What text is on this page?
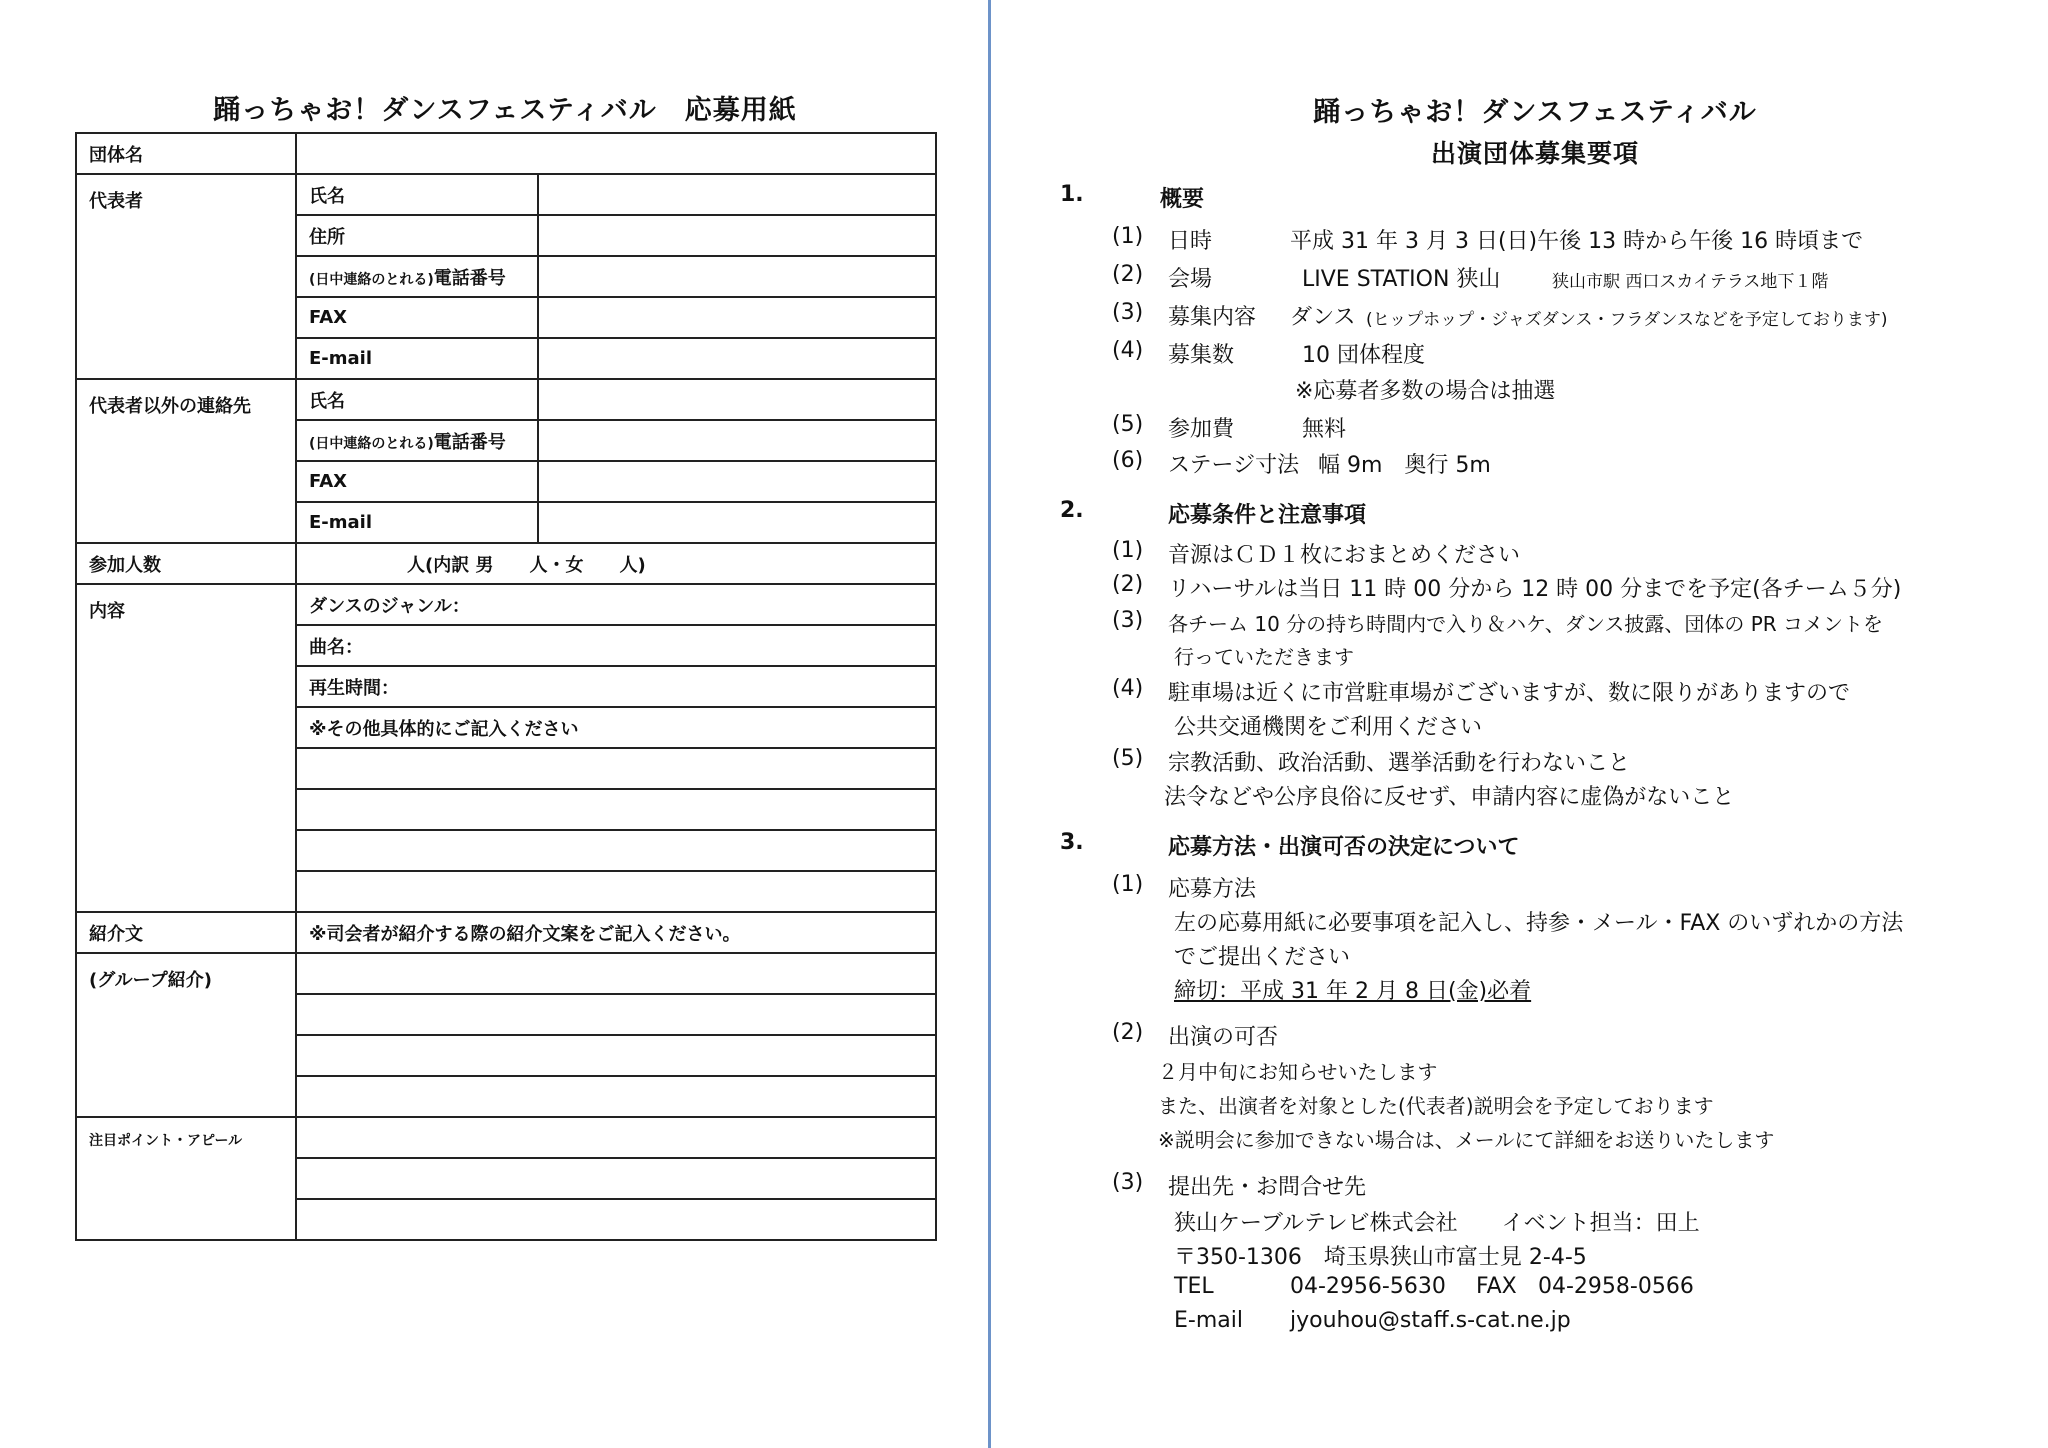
踊っちゃお！ダンスフェスティバル　応募用紙
団体名		
代表者	氏名	
	住所	
	(日中連絡のとれる)電話番号	
	FAX	
	E-mail	
代表者以外の連絡先	氏名	
	(日中連絡のとれる)電話番号	
	FAX	
	E-mail	
参加人数	人(内訳 男　　人・女　　人)	
内容	ダンスのジャンル：	
	曲名：	
	再生時間：	
	※その他具体的にご記入ください	

紹介文	※司会者が紹介する際の紹介文案をご記入ください。	
(グループ紹介)		

注目ポイント・アピール		

踊っちゃお！ダンスフェスティバル
出演団体募集要項
1.	概要
(1) 日時	平成 31 年 3 月 3 日(日)午後 13 時から午後 16 時頃まで
(2) 会場	LIVE STATION 狭山	狭山市駅 西口スカイテラス地下１階
(3) 募集内容 ダンス (ヒップホップ・ジャズダンス・フラダンスなどを予定しております)
(4) 募集数	10 団体程度
※応募者多数の場合は抽選
(5) 参加費	無料
(6) ステージ寸法 幅 9m　奥行 5m
2.	応募条件と注意事項
(1) 音源はＣＤ１枚におまとめください
(2) リハーサルは当日 11 時 00 分から 12 時 00 分までを予定(各チーム５分)
(3) 各チーム 10 分の持ち時間内で入り＆ハケ、ダンス披露、団体の PR コメントを
行っていただきます
(4) 駐車場は近くに市営駐車場がございますが、数に限りがありますので
公共交通機関をご利用ください
(5) 宗教活動、政治活動、選挙活動を行わないこと
法令などや公序良俗に反せず、申請内容に虚偽がないこと
3.	応募方法・出演可否の決定について
(1) 応募方法
左の応募用紙に必要事項を記入し、持参・メール・FAX のいずれかの方法
でご提出ください
締切：平成 31 年 2 月 8 日(金)必着
(2) 出演の可否
２月中旬にお知らせいたします
また、出演者を対象とした(代表者)説明会を予定しております
※説明会に参加できない場合は、メールにて詳細をお送りいたします
(3) 提出先・お問合せ先
狭山ケーブルテレビ株式会社　　イベント担当：田上
〒350-1306　埼玉県狭山市富士見 2-4-5
TEL	04-2956-5630 FAX 04-2958-0566
E-mail jyouhou@staff.s-cat.ne.jp
